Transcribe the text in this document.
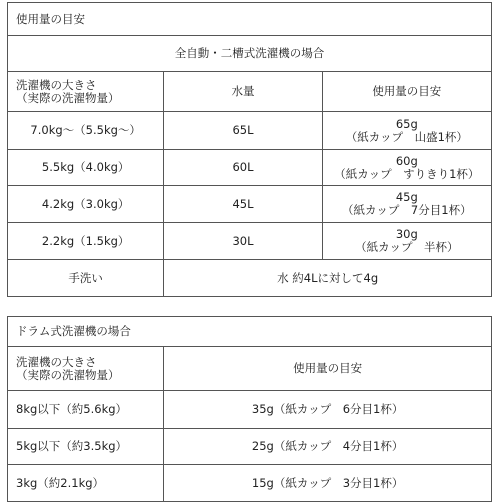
使用量の目安		
全自動・二槽式洗濯機の場合		

洗濯機の大きさ
（実際の洗濯物量）	水量	使用量の目安
7.0kg～（5.5kg～）	65L	65g
（紙カップ　山盛1杯）

5.5kg（4.0kg）	60L	60g
（紙カップ　すりきり1杯）

4.2kg（3.0kg）	45L	45g
（紙カップ　7分目1杯）

2.2kg（1.5kg）	30L	30g
（紙カップ　半杯）

手洗い	水 約4Lに対して4g	
ドラム式洗濯機の場合	

洗濯機の大きさ
（実際の洗濯物量）	使用量の目安
8kg以下（約5.6kg）	35g（紙カップ　6分目1杯）
5kg以下（約3.5kg）	25g（紙カップ　4分目1杯）
3kg（約2.1kg）	15g（紙カップ　3分目1杯）
